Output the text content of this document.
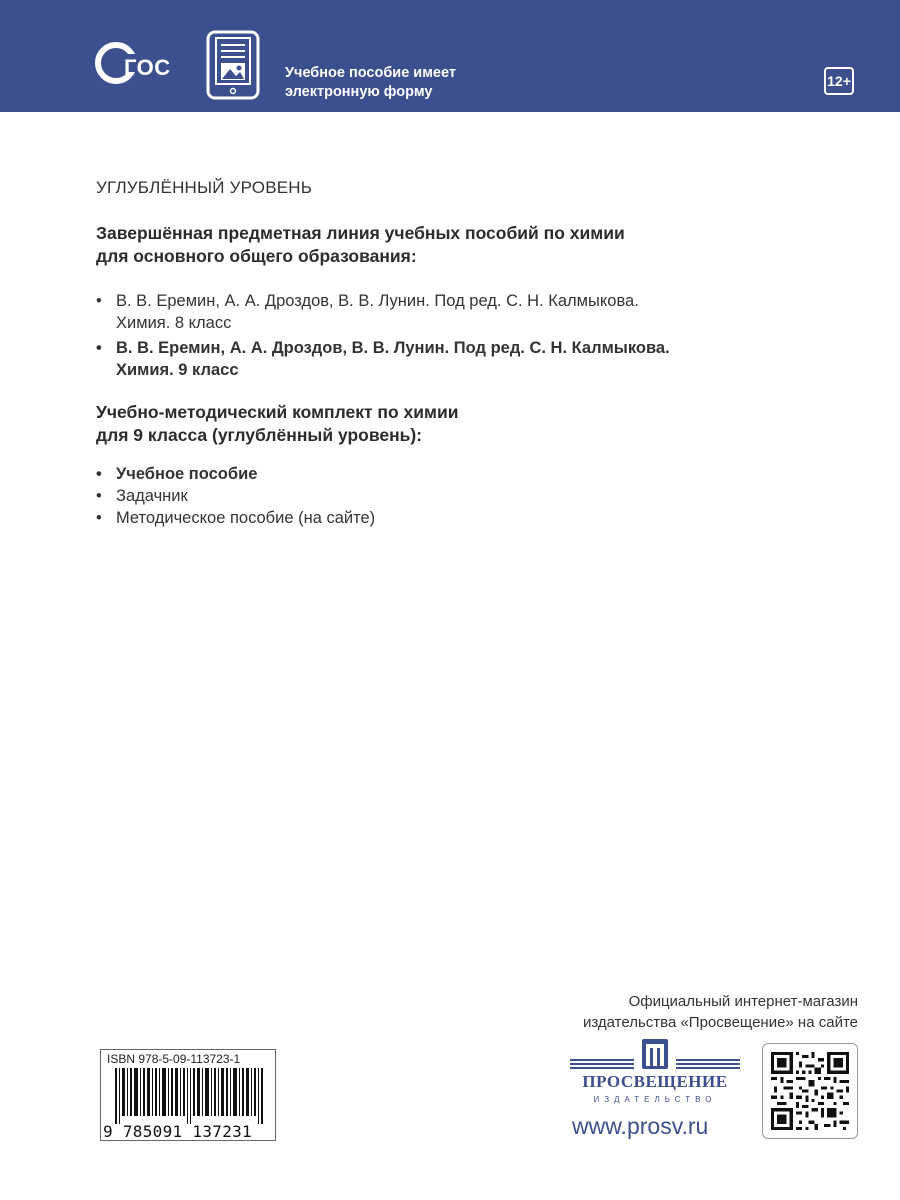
ГОС	Учебное пособие имеет
электронную форму
12+
УГЛУБЛЁННЫЙ УРОВЕНЬ
Завершённая предметная линия учебных пособий по химии
для основного общего образования:
• В. В. Еремин, А. А. Дроздов, В. В. Лунин. Под ред. С. Н. Калмыкова.
Химия. 8 класс
• В. В. Еремин, А. А. Дроздов, В. В. Лунин. Под ред. С. Н. Калмыкова.
Химия. 9 класс
Учебно-методический комплект по химии
для 9 класса (углублённый уровень):
• Учебное пособие
• Задачник
• Методическое пособие (на сайте)
Официальный интернет-магазин
издательства «Просвещение» на сайте
ISBN 978-5-09-113723-1
9 785091 137231
ПРОСВЕЩЕНИЕ
ИЗДАТЕЛЬСТВО
www.prosv.ru
